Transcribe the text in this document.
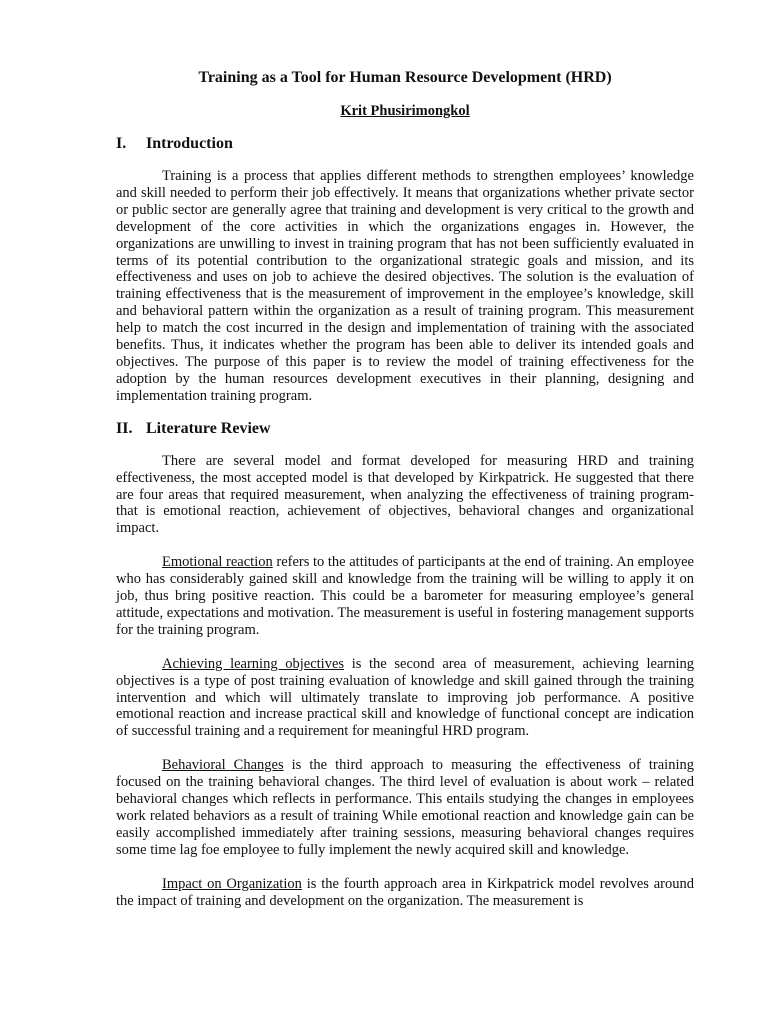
Training as a Tool for Human Resource Development (HRD)
Krit Phusirimongkol
I.	Introduction

Training is a process that applies different methods to strengthen employees’ knowledge and skill needed to perform their job effectively. It means that organizations whether private sector or public sector are generally agree that training and development is very critical to the growth and development of the core activities in which the organizations engages in. However, the organizations are unwilling to invest in training program that has not been sufficiently evaluated in terms of its potential contribution to the organizational strategic goals and mission, and its effectiveness and uses on job to achieve the desired objectives. The solution is the evaluation of training effectiveness that is the measurement of improvement in the employee’s knowledge, skill and behavioral pattern within the organization as a result of training program. This measurement help to match the cost incurred in the design and implementation of training with the associated benefits. Thus, it indicates whether the program has been able to deliver its intended goals and objectives. The purpose of this paper is to review the model of training effectiveness for the adoption by the human resources development executives in their planning, designing and implementation training program.

II. Literature Review

There are several model and format developed for measuring HRD and training effectiveness, the most accepted model is that developed by Kirkpatrick. He suggested that there are four areas that required measurement, when analyzing the effectiveness of training program-that is emotional reaction, achievement of objectives, behavioral changes and organizational impact.

Emotional reaction refers to the attitudes of participants at the end of training. An employee who has considerably gained skill and knowledge from the training will be willing to apply it on job, thus bring positive reaction. This could be a barometer for measuring employee’s general attitude, expectations and motivation. The measurement is useful in fostering management supports for the training program.

Achieving learning objectives is the second area of measurement, achieving learning objectives is a type of post training evaluation of knowledge and skill gained through the training intervention and which will ultimately translate to improving job performance. A positive emotional reaction and increase practical skill and knowledge of functional concept are indication of successful training and a requirement for meaningful HRD program.

Behavioral Changes is the third approach to measuring the effectiveness of training focused on the training behavioral changes. The third level of evaluation is about work – related behavioral changes which reflects in performance. This entails studying the changes in employees work related behaviors as a result of training While emotional reaction and knowledge gain can be easily accomplished immediately after training sessions, measuring behavioral changes requires some time lag foe employee to fully implement the newly acquired skill and knowledge.

Impact on Organization is the fourth approach area in Kirkpatrick model revolves around the impact of training and development on the organization. The measurement is
